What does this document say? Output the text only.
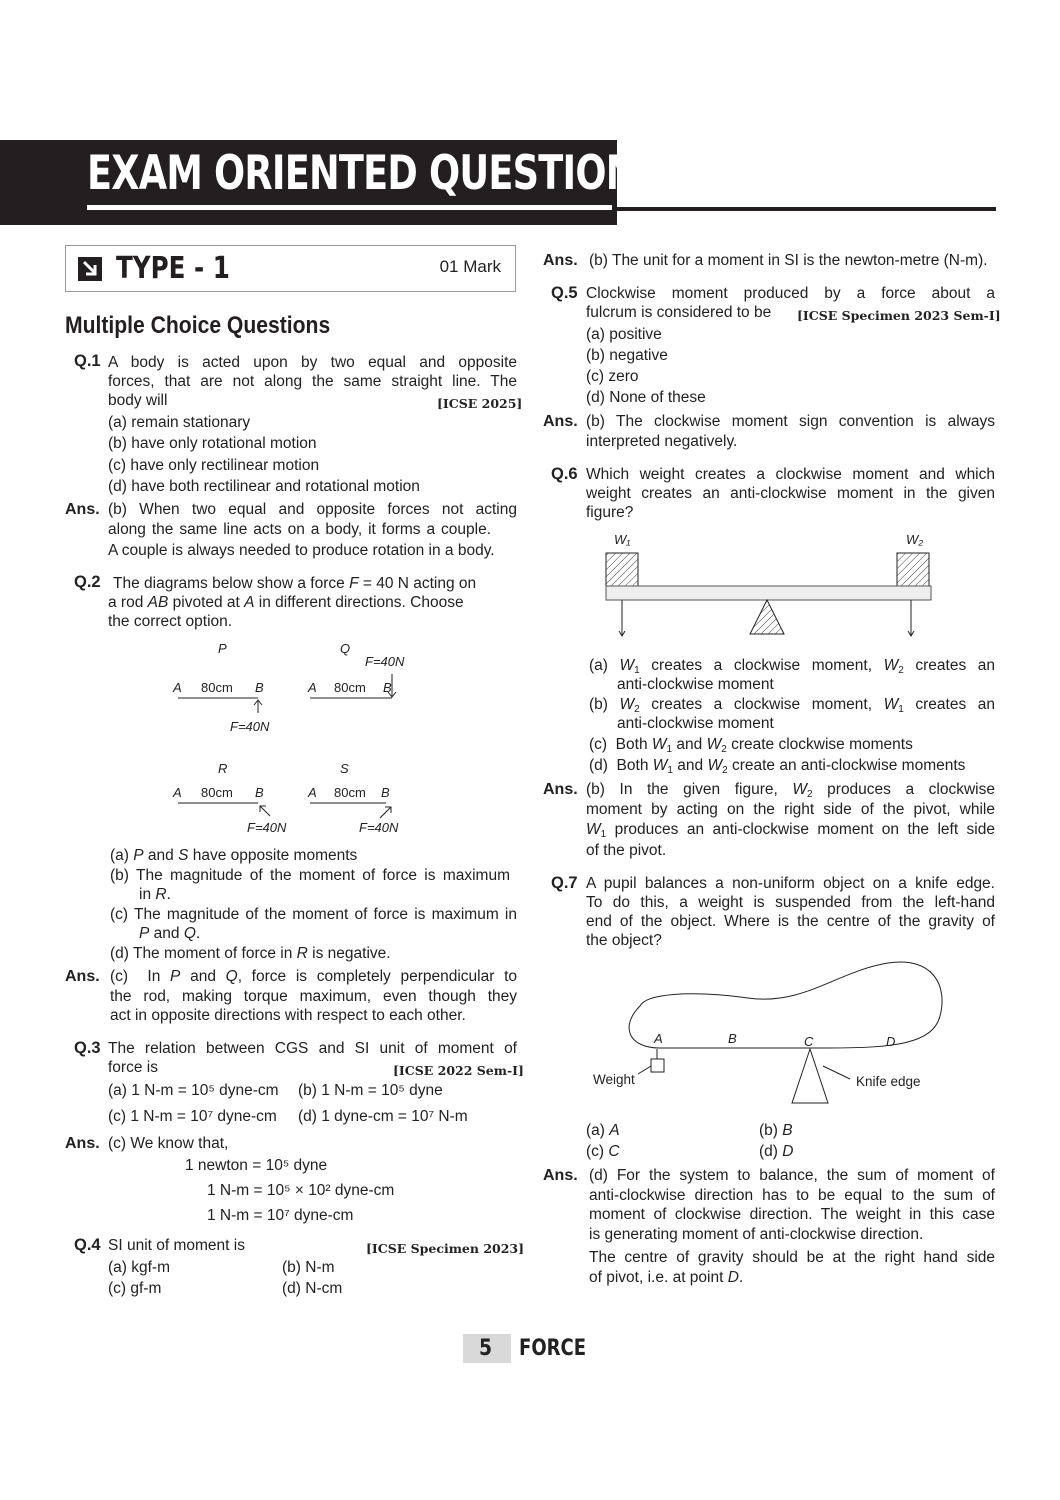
EXAM ORIENTED QUESTIONS
TYPE - 1	01 Mark
Multiple Choice Questions
Q.1 A body is acted upon by two equal and opposite
forces, that are not along the same straight line. The
body will	[ICSE 2025]
(a) remain stationary
(b) have only rotational motion
(c) have only rectilinear motion
(d) have both rectilinear and rotational motion
Ans. (b) When two equal and opposite forces not acting
along the same line acts on a body, it forms a couple.
A couple is always needed to produce rotation in a body.
Q.2 The diagrams below show a force F = 40 N acting on
a rod AB pivoted at A in different directions. Choose
the correct option.
P
A 80cm B
F=40N
Q
F=40N
A 80cm B
R
A 80cm B
F=40N
S
A 80cm B
F=40N
(a) P and S have opposite moments
(b) The magnitude of the moment of force is maximum
in R.
(c) The magnitude of the moment of force is maximum in
P and Q.
(d) The moment of force in R is negative.
Ans. (c)  In P and Q, force is completely perpendicular to
the rod, making torque maximum, even though they
act in opposite directions with respect to each other.
Q.3 The relation between CGS and SI unit of moment of
force is	[ICSE 2022 Sem-I]
(a) 1 N-m = 10⁵ dyne-cm (b) 1 N-m = 10⁵ dyne
(c) 1 N-m = 10⁷ dyne-cm (d) 1 dyne-cm = 10⁷ N-m
Ans. (c) We know that,
1 newton = 10⁵ dyne
1 N-m = 10⁵ × 10² dyne-cm
1 N-m = 10⁷ dyne-cm
Q.4 SI unit of moment is	[ICSE Specimen 2023]
(a) kgf-m	(b) N-m
(c) gf-m	(d) N-cm
Ans. (b) The unit for a moment in SI is the newton-metre (N-m).
Q.5 Clockwise moment produced by a force about a
fulcrum is considered to be [ICSE Specimen 2023 Sem-I]
(a) positive
(b) negative
(c) zero
(d) None of these
Ans. (b) The clockwise moment sign convention is always
interpreted negatively.
Q.6 Which weight creates a clockwise moment and which
weight creates an anti-clockwise moment in the given
figure?
W₁	W₂
(a) $W_1$ creates a clockwise moment, $W_2$ creates an
anti-clockwise moment
(b) $W_2$ creates a clockwise moment, $W_1$ creates an
anti-clockwise moment
(c)  Both $W_1$ and $W_2$ create clockwise moments
(d)  Both $W_1$ and $W_2$ create an anti-clockwise moments
Ans. (b) In the given figure, $W_2$ produces a clockwise
moment by acting on the right side of the pivot, while
$W_1$ produces an anti-clockwise moment on the left side
of the pivot.
Q.7 A pupil balances a non-uniform object on a knife edge.
To do this, a weight is suspended from the left-hand
end of the object. Where is the centre of the gravity of
the object?
A	B	C	D
Weight	Knife edge
(a) A	(b) B
(c) C	(d) D
Ans. (d) For the system to balance, the sum of moment of
anti-clockwise direction has to be equal to the sum of
moment of clockwise direction. The weight in this case
is generating moment of anti-clockwise direction.
The centre of gravity should be at the right hand side
of pivot, i.e. at point D.
5 FORCE
